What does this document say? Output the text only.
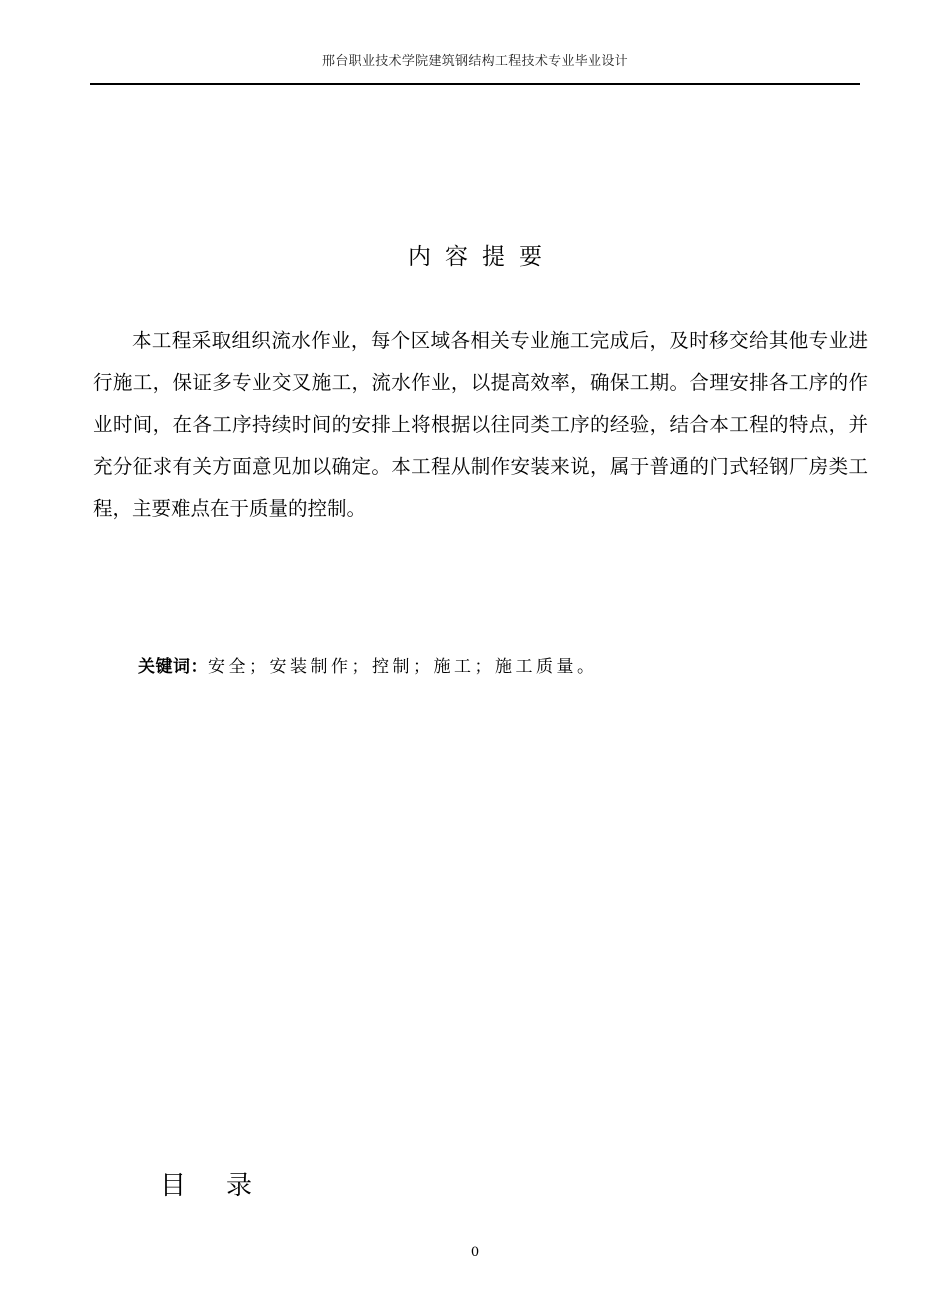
邢台职业技术学院建筑钢结构工程技术专业毕业设计
内容提要

本工程采取组织流水作业，每个区域各相关专业施工完成后，及时移交给其他专业进行施工，保证多专业交叉施工，流水作业，以提高效率，确保工期。合理安排各工序的作业时间，在各工序持续时间的安排上将根据以往同类工序的经验，结合本工程的特点，并充分征求有关方面意见加以确定。本工程从制作安装来说，属于普通的门式轻钢厂房类工程，主要难点在于质量的控制。

关键词：安全；安装制作；控制；施工；施工质量。
目 录
0
